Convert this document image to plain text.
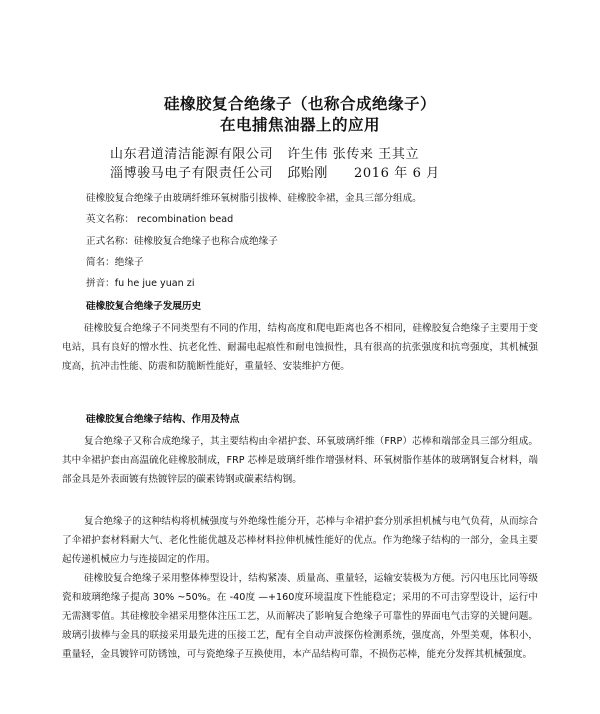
硅橡胶复合绝缘子（也称合成绝缘子）
在电捕焦油器上的应用
山东君道清洁能源有限公司 许生伟 张传来 王其立
淄博骏马电子有限责任公司 邱贻刚 2016 年 6 月
硅橡胶复合绝缘子由玻璃纤维环氧树脂引拔棒、硅橡胶伞裙，金具三部分组成。
英文名称： recombination bead
正式名称：硅橡胶复合绝缘子也称合成绝缘子
简名：绝缘子
拼音：fu he jue yuan zi
硅橡胶复合绝缘子发展历史
硅橡胶复合绝缘子不同类型有不同的作用，结构高度和爬电距离也各不相同，硅橡胶复合绝缘子主要用于变电站，具有良好的憎水性、抗老化性、耐漏电起痕性和耐电蚀损性，具有很高的抗张强度和抗弯强度，其机械强度高，抗冲击性能、防震和防脆断性能好，重量轻、安装维护方便。
硅橡胶复合绝缘子结构、作用及特点
复合绝缘子又称合成绝缘子，其主要结构由伞裙护套、环氧玻璃纤维（FRP）芯棒和端部金具三部分组成。其中伞裙护套由高温硫化硅橡胶制成，FRP 芯棒是玻璃纤维作增强材料、环氧树脂作基体的玻璃钢复合材料，端部金具是外表面镀有热镀锌层的碳素铸钢或碳素结构钢。
复合绝缘子的这种结构将机械强度与外绝缘性能分开，芯棒与伞裙护套分别承担机械与电气负荷，从而综合了伞裙护套材料耐大气、老化性能优越及芯棒材料拉伸机械性能好的优点。作为绝缘子结构的一部分，金具主要起传递机械应力与连接固定的作用。
硅橡胶复合绝缘子采用整体棒型设计，结构紧凑、质量高、重量轻，运输安装极为方便。污闪电压比同等级瓷和玻璃绝缘子提高 30% ~50%。在 -40度 —+160度环境温度下性能稳定；采用的不可击穿型设计，运行中无需测零值。其硅橡胶伞裙采用整体注压工艺，从而解决了影响复合绝缘子可靠性的界面电气击穿的关键问题。玻璃引拔棒与金具的联接采用最先进的压接工艺，配有全自动声波探伤检测系统，强度高，外型美观，体积小，重量轻，金具镀锌可防锈蚀，可与瓷绝缘子互换使用，本产品结构可靠，不损伤芯棒，能充分发挥其机械强度。
